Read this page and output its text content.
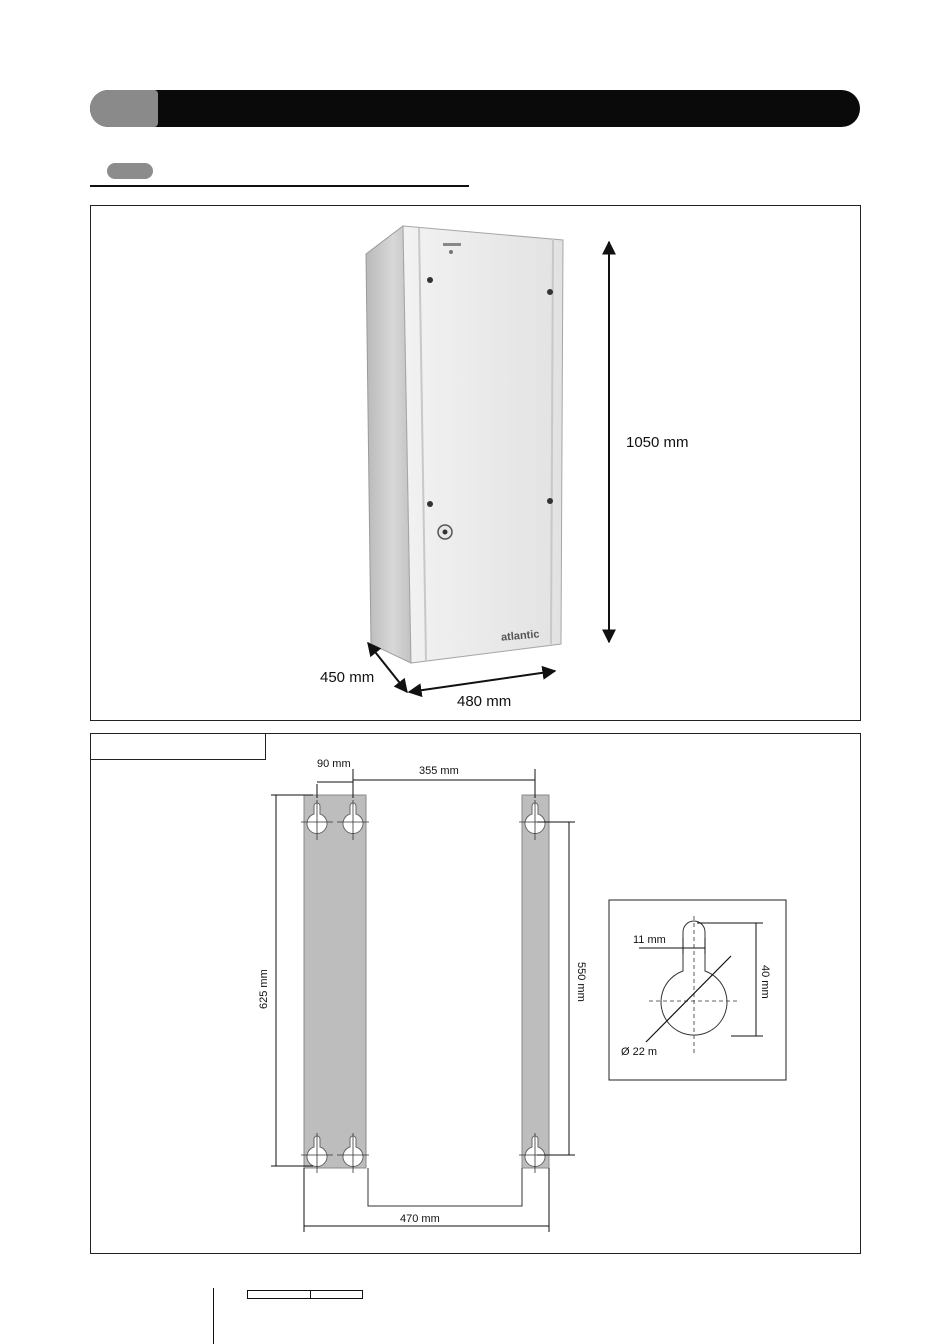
atlantic
1050 mm
450 mm
480 mm
90 mm
355 mm
625 mm	550 mm
470 mm
11 mm
40 mm
Ø 22 m
